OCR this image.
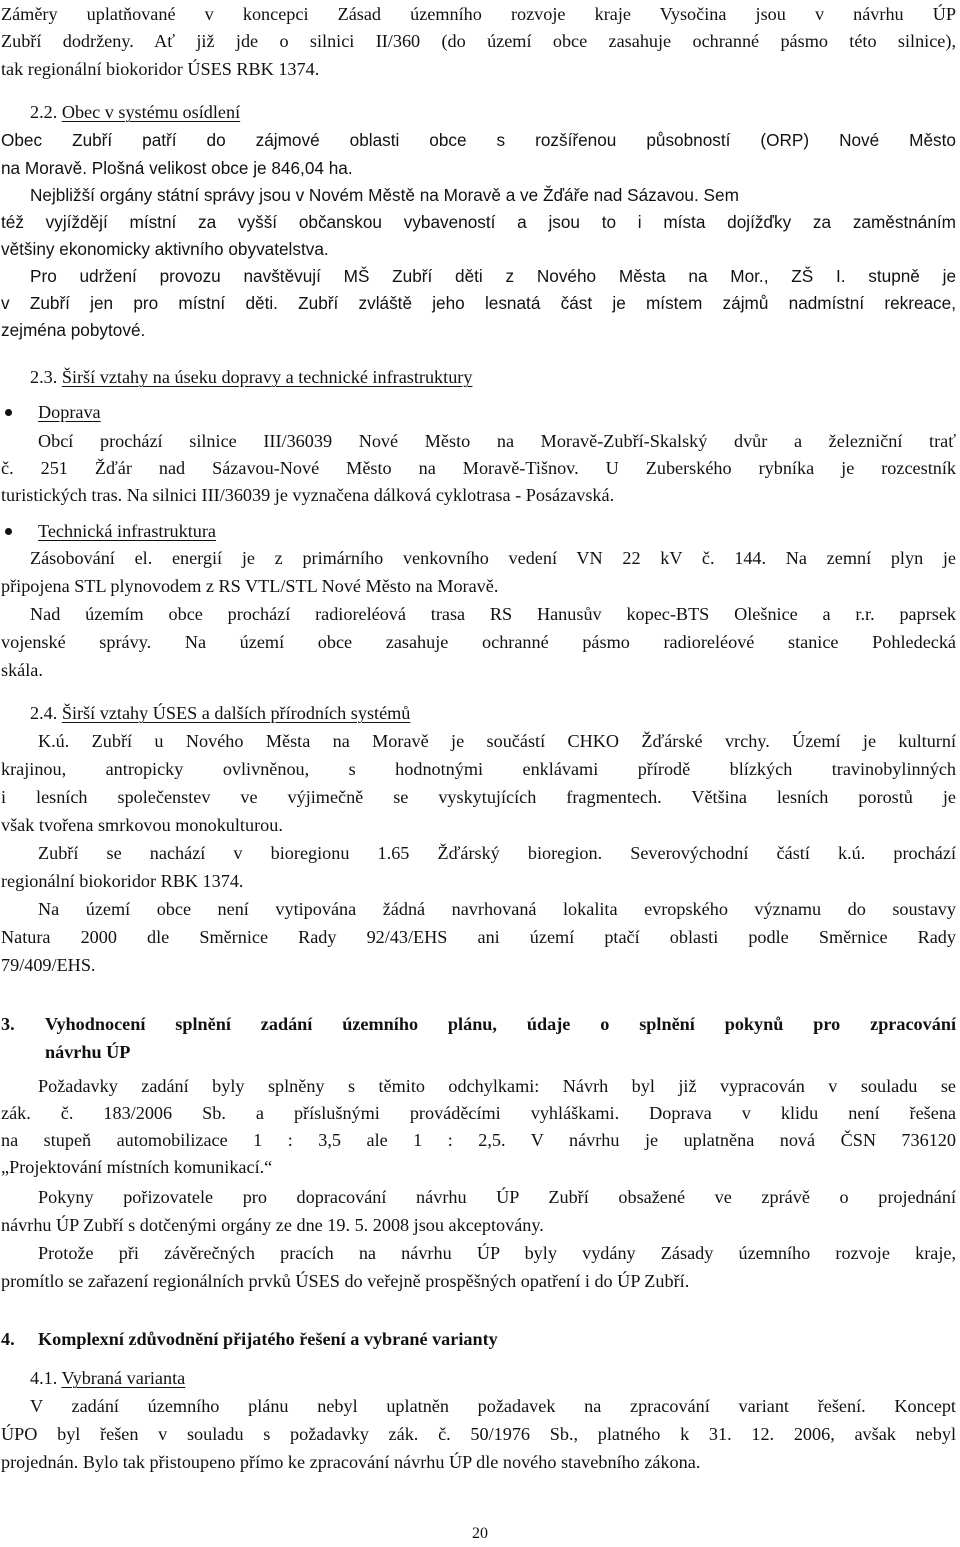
Záměry uplatňované v koncepci Zásad územního rozvoje kraje Vysočina jsou v návrhu ÚP
Zubří dodrženy. Ať již jde o silnici II/360 (do území obce zasahuje ochranné pásmo této silnice),
tak regionální biokoridor ÚSES RBK 1374.
2.2. Obec v systému osídlení
Obec Zubří patří do zájmové oblasti obce s rozšířenou působností (ORP) Nové Město
na Moravě. Plošná velikost obce je 846,04 ha.
Nejbližší orgány státní správy jsou v Novém Městě na Moravě a ve Žďáře nad Sázavou. Sem
též vyjíždějí místní za vyšší občanskou vybaveností a jsou to i místa dojížďky za zaměstnáním
většiny ekonomicky aktivního obyvatelstva.
Pro udržení provozu navštěvují MŠ Zubří děti z Nového Města na Mor., ZŠ I. stupně je
v Zubří jen pro místní děti. Zubří zvláště jeho lesnatá část je místem zájmů nadmístní rekreace,
zejména pobytové.
2.3. Širší vztahy na úseku dopravy a technické infrastruktury
Doprava
Obcí prochází silnice III/36039 Nové Město na Moravě-Zubří-Skalský dvůr a železniční trať
č. 251 Žďár nad Sázavou-Nové Město na Moravě-Tišnov. U Zuberského rybníka je rozcestník
turistických tras. Na silnici III/36039 je vyznačena dálková cyklotrasa - Posázavská.
Technická infrastruktura
Zásobování el. energií je z primárního venkovního vedení VN 22 kV č. 144. Na zemní plyn je
připojena STL plynovodem z RS VTL/STL Nové Město na Moravě.
Nad územím obce prochází radioreléová trasa RS Hanusův kopec-BTS Olešnice a r.r. paprsek
vojenské správy. Na území obce zasahuje ochranné pásmo radioreléové stanice Pohledecká
skála.
2.4. Širší vztahy ÚSES a dalších přírodních systémů
K.ú. Zubří u Nového Města na Moravě je součástí CHKO Žďárské vrchy. Území je kulturní
krajinou, antropicky ovlivněnou, s hodnotnými enklávami přírodě blízkých travinobylinných
i lesních společenstev ve výjimečně se vyskytujících fragmentech. Většina lesních porostů je
však tvořena smrkovou monokulturou.
Zubří se nachází v bioregionu 1.65 Žďárský bioregion. Severovýchodní částí k.ú. prochází
regionální biokoridor RBK 1374.
Na území obce není vytipována žádná navrhovaná lokalita evropského významu do soustavy
Natura 2000 dle Směrnice Rady 92/43/EHS ani území ptačí oblasti podle Směrnice Rady
79/409/EHS.
3.	Vyhodnocení splnění zadání územního plánu, údaje o splnění pokynů pro zpracování
návrhu ÚP
Požadavky zadání byly splněny s těmito odchylkami: Návrh byl již vypracován v souladu se
zák. č. 183/2006 Sb. a příslušnými prováděcími vyhláškami. Doprava v klidu není řešena
na stupeň automobilizace 1 : 3,5 ale 1 : 2,5. V návrhu je uplatněna nová ČSN 736120
„Projektování místních komunikací.“
Pokyny pořizovatele pro dopracování návrhu ÚP Zubří obsažené ve zprávě o projednání
návrhu ÚP Zubří s dotčenými orgány ze dne 19. 5. 2008 jsou akceptovány.
Protože při závěrečných pracích na návrhu ÚP byly vydány Zásady územního rozvoje kraje,
promítlo se zařazení regionálních prvků ÚSES do veřejně prospěšných opatření i do ÚP Zubří.
4.	Komplexní zdůvodnění přijatého řešení a vybrané varianty
4.1. Vybraná varianta
V zadání územního plánu nebyl uplatněn požadavek na zpracování variant řešení. Koncept
ÚPO byl řešen v souladu s požadavky zák. č. 50/1976 Sb., platného k 31. 12. 2006, avšak nebyl
projednán. Bylo tak přistoupeno přímo ke zpracování návrhu ÚP dle nového stavebního zákona.
20
